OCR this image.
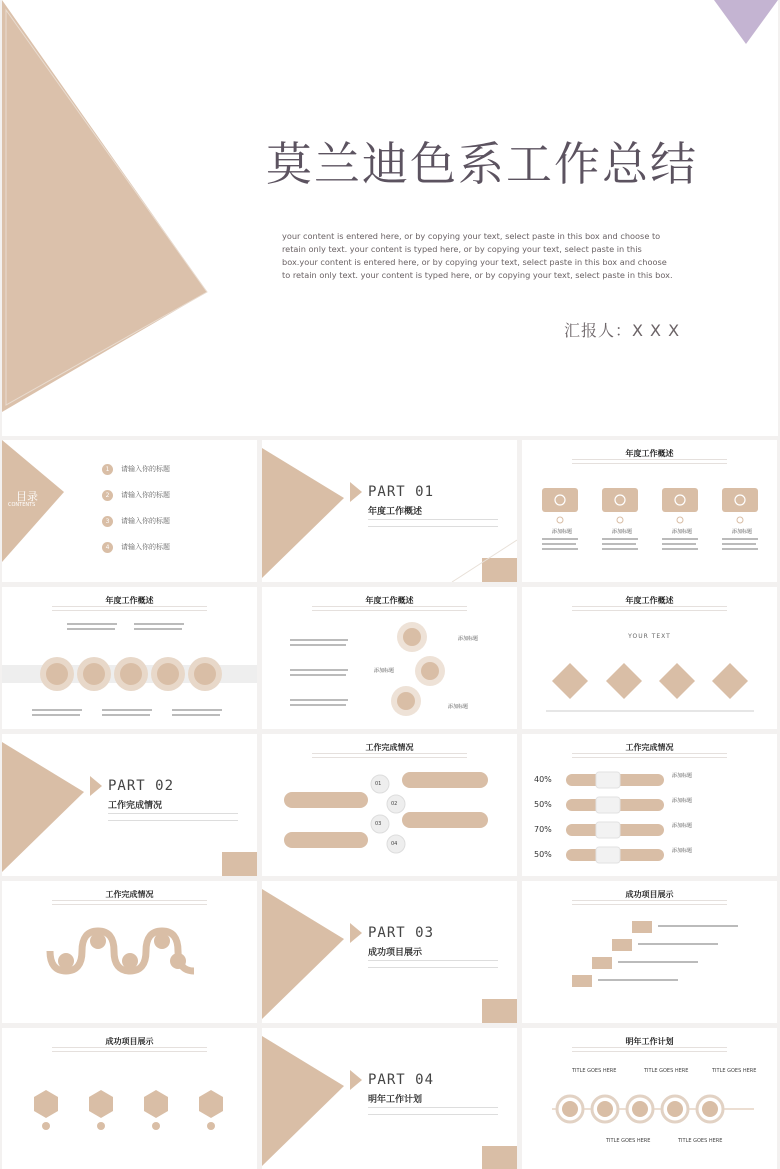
莫兰迪色系工作总结
your content is entered here, or by copying your text, select paste in this box and choose to retain only text. your content is typed here, or by copying your text, select paste in this box.your content is entered here, or by copying your text, select paste in this box and choose to retain only text. your content is typed here, or by copying your text, select paste in this box.
汇报人：X X X
目录
CONTENTS
1 请输入你的标题
2 请输入你的标题
3 请输入你的标题
4 请输入你的标题
PART 01
年度工作概述
年度工作概述
添加标题	添加标题	添加标题	添加标题
年度工作概述	年度工作概述
添加标题
添加标题
添加标题
年度工作概述
YOUR TEXT
PART 02
工作完成情况
工作完成情况
01
02
03
04
工作完成情况
40%
50%
70%
50%
添加标题
添加标题
添加标题
添加标题
工作完成情况
PART 03
成功项目展示
成功项目展示
成功项目展示
PART 04
明年工作计划
明年工作计划
TITLE GOES HERE	TITLE GOES HERE	TITLE GOES HERE
TITLE GOES HERE	TITLE GOES HERE
